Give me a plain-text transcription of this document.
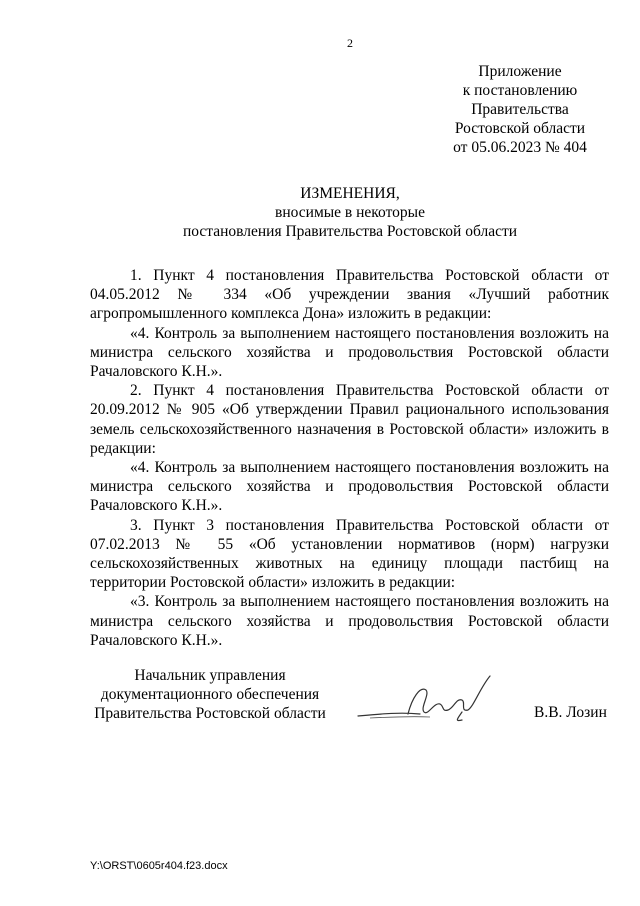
2
Приложение
к постановлению
Правительства
Ростовской области
от 05.06.2023 № 404
ИЗМЕНЕНИЯ,
вносимые в некоторые
постановления Правительства Ростовской области

1. Пункт 4 постановления Правительства Ростовской области от 04.05.2012 № 334 «Об учреждении звания «Лучший работник агропромышленного комплекса Дона» изложить в редакции:

«4. Контроль за выполнением настоящего постановления возложить на министра сельского хозяйства и продовольствия Ростовской области Рачаловского К.Н.».

2. Пункт 4 постановления Правительства Ростовской области от 20.09.2012 № 905 «Об утверждении Правил рационального использования земель сельскохозяйственного назначения в Ростовской области» изложить в редакции:

«4. Контроль за выполнением настоящего постановления возложить на министра сельского хозяйства и продовольствия Ростовской области Рачаловского К.Н.».

3. Пункт 3 постановления Правительства Ростовской области от 07.02.2013 № 55 «Об установлении нормативов (норм) нагрузки сельскохозяйственных животных на единицу площади пастбищ на территории Ростовской области» изложить в редакции:

«3. Контроль за выполнением настоящего постановления возложить на министра сельского хозяйства и продовольствия Ростовской области Рачаловского К.Н.».

Начальник управления
документационного обеспечения
Правительства Ростовской области	В.В. Лозин
Y:\ORST\0605r404.f23.docx
